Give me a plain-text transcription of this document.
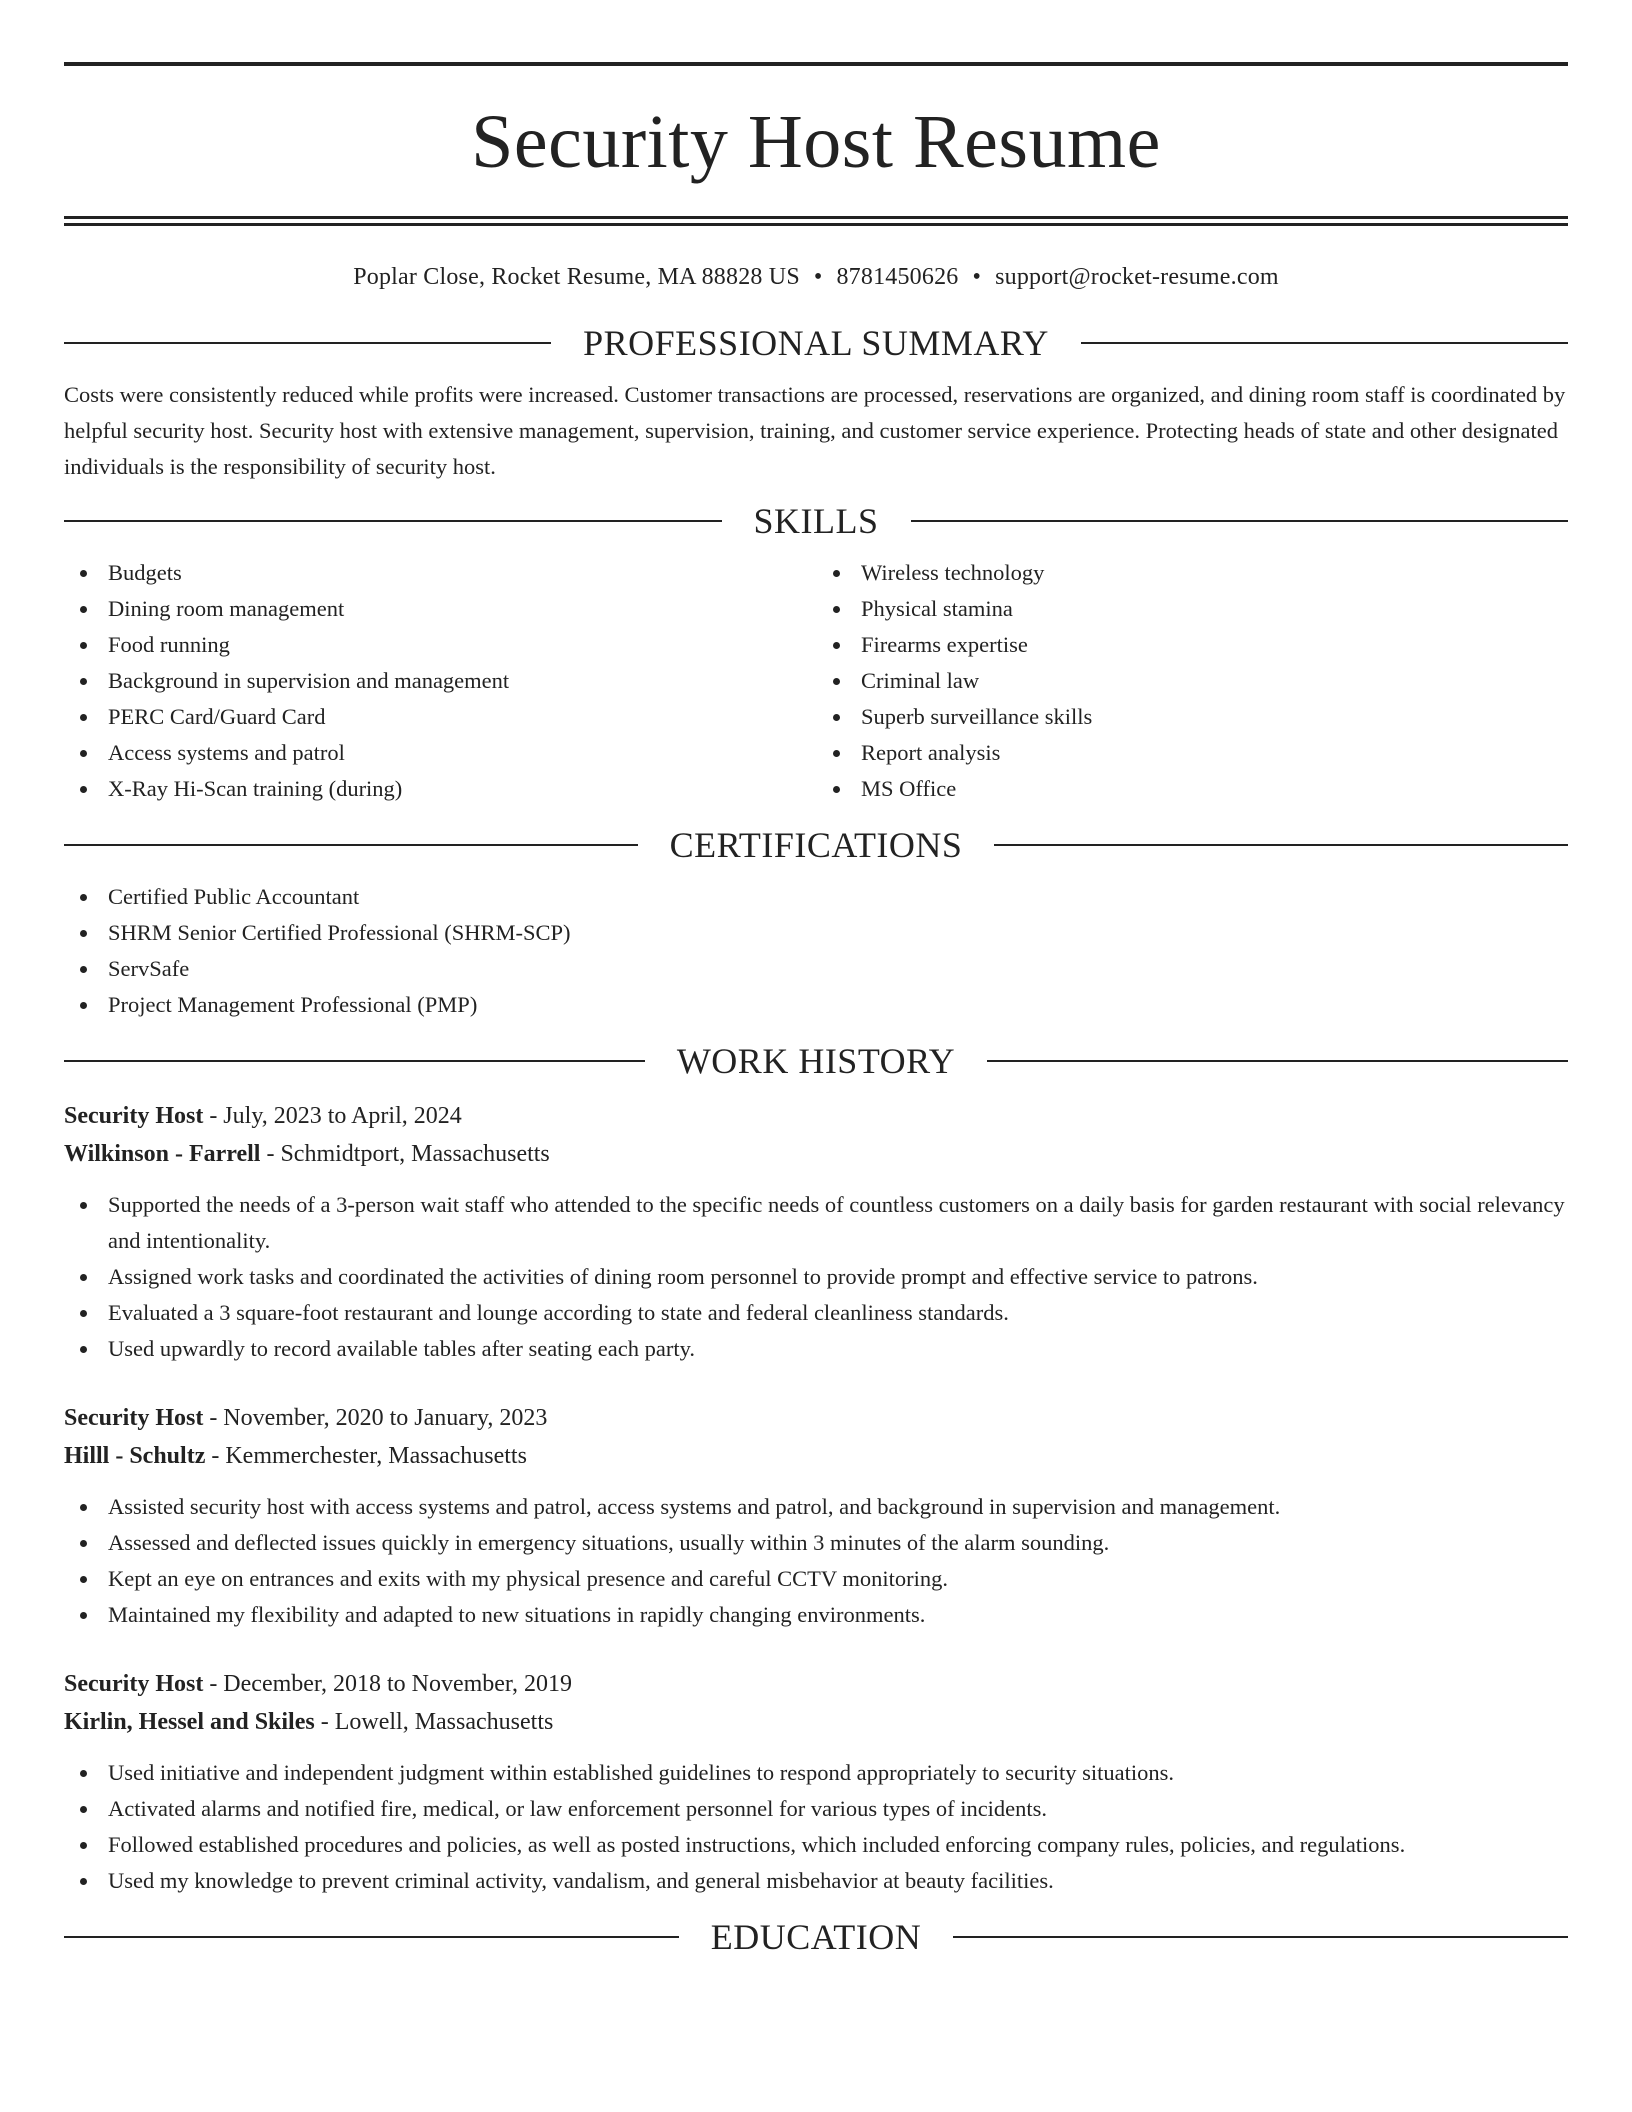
Security Host Resume
Poplar Close, Rocket Resume, MA 88828 US • 8781450626 • support@rocket-resume.com
PROFESSIONAL SUMMARY

Costs were consistently reduced while profits were increased. Customer transactions are processed, reservations are organized, and dining room staff is coordinated by helpful security host. Security host with extensive management, supervision, training, and customer service experience. Protecting heads of state and other designated individuals is the responsibility of security host.

SKILLS
Budgets
Dining room management
Food running
Background in supervision and management
PERC Card/Guard Card
Access systems and patrol
X-Ray Hi-Scan training (during)
Wireless technology
Physical stamina
Firearms expertise
Criminal law
Superb surveillance skills
Report analysis
MS Office
CERTIFICATIONS
Certified Public Accountant
SHRM Senior Certified Professional (SHRM-SCP)
ServSafe
Project Management Professional (PMP)
WORK HISTORY
Security Host - July, 2023 to April, 2024
Wilkinson - Farrell - Schmidtport, Massachusetts
Supported the needs of a 3-person wait staff who attended to the specific needs of countless customers on a daily basis for garden restaurant with social relevancy and intentionality.
Assigned work tasks and coordinated the activities of dining room personnel to provide prompt and effective service to patrons.
Evaluated a 3 square-foot restaurant and lounge according to state and federal cleanliness standards.
Used upwardly to record available tables after seating each party.
Security Host - November, 2020 to January, 2023
Hilll - Schultz - Kemmerchester, Massachusetts
Assisted security host with access systems and patrol, access systems and patrol, and background in supervision and management.
Assessed and deflected issues quickly in emergency situations, usually within 3 minutes of the alarm sounding.
Kept an eye on entrances and exits with my physical presence and careful CCTV monitoring.
Maintained my flexibility and adapted to new situations in rapidly changing environments.
Security Host - December, 2018 to November, 2019
Kirlin, Hessel and Skiles - Lowell, Massachusetts
Used initiative and independent judgment within established guidelines to respond appropriately to security situations.
Activated alarms and notified fire, medical, or law enforcement personnel for various types of incidents.
Followed established procedures and policies, as well as posted instructions, which included enforcing company rules, policies, and regulations.
Used my knowledge to prevent criminal activity, vandalism, and general misbehavior at beauty facilities.
EDUCATION
